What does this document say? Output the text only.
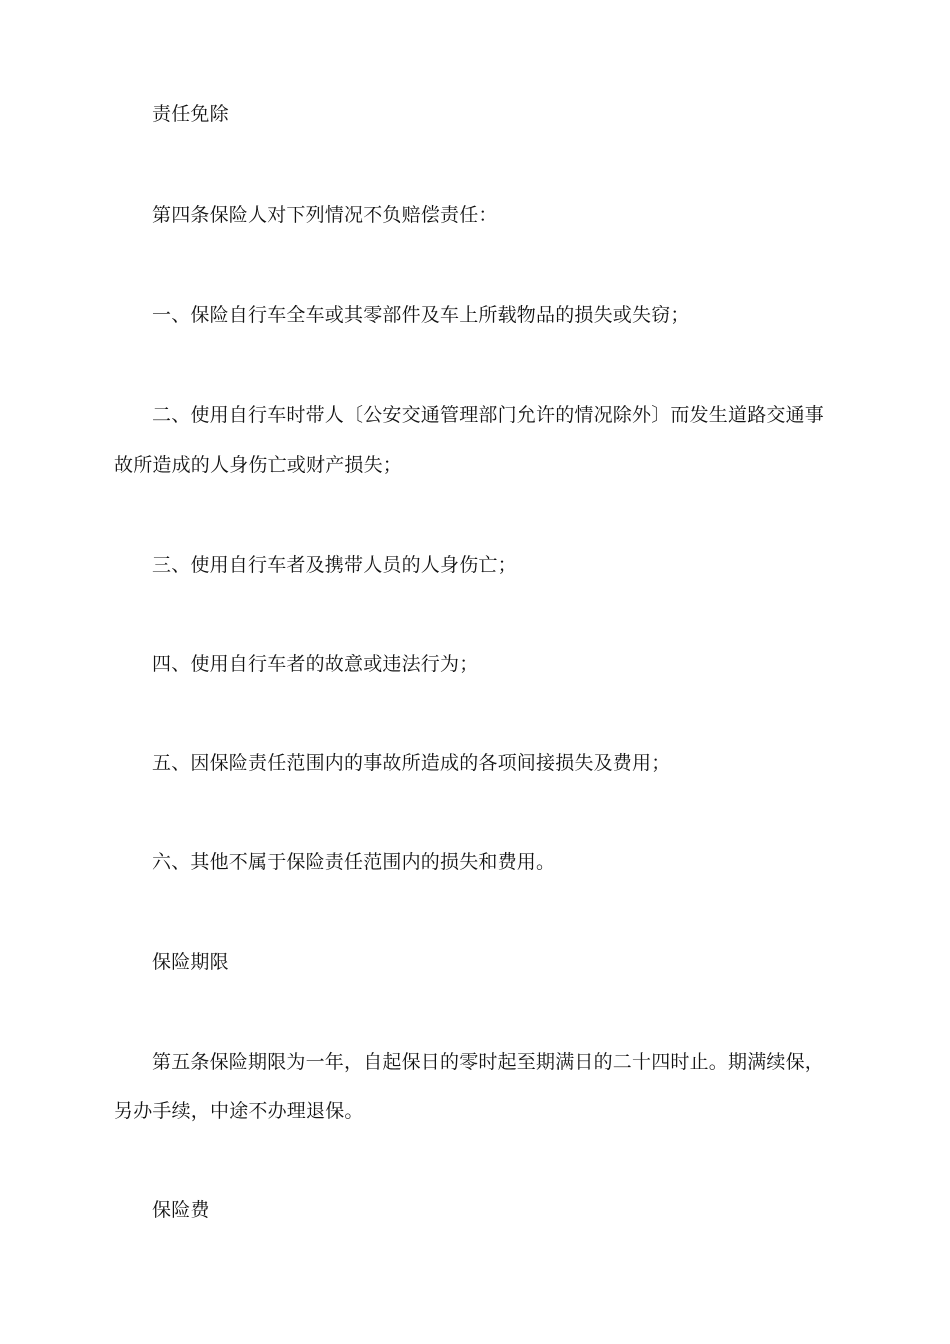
责任免除
第四条保险人对下列情况不负赔偿责任：
一、保险自行车全车或其零部件及车上所载物品的损失或失窃；
二、使用自行车时带人〔公安交通管理部门允许的情况除外〕而发生道路交通事
故所造成的人身伤亡或财产损失；
三、使用自行车者及携带人员的人身伤亡；
四、使用自行车者的故意或违法行为；
五、因保险责任范围内的事故所造成的各项间接损失及费用；
六、其他不属于保险责任范围内的损失和费用。
保险期限
第五条保险期限为一年，自起保日的零时起至期满日的二十四时止。期满续保，
另办手续，中途不办理退保。
保险费
